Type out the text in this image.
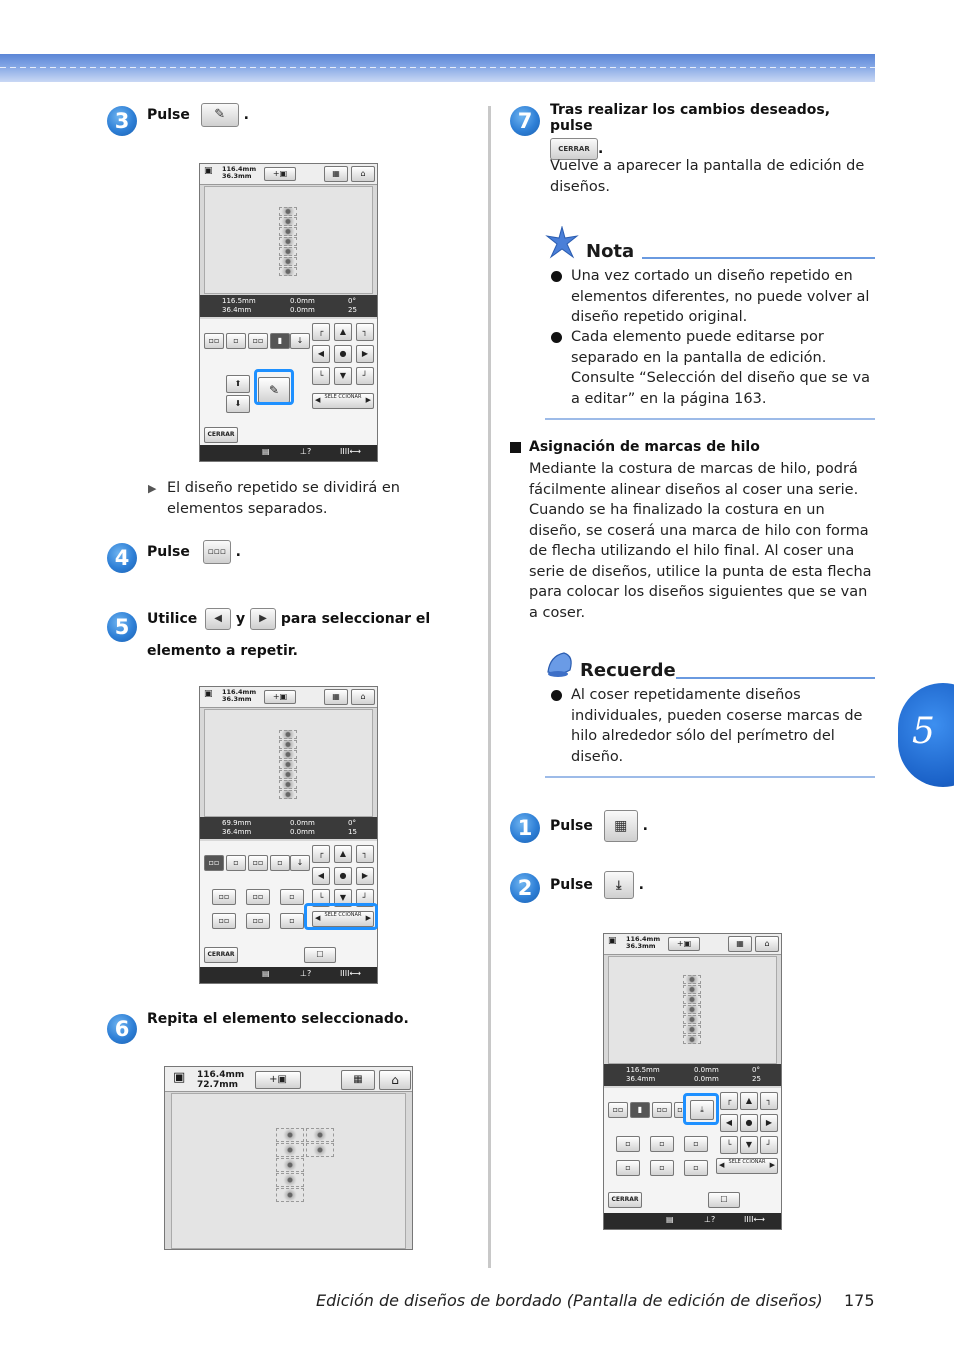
3	Pulse ✎ .
▣ 116.4mm
36.3mm	+▣	▦	⌂
116.5mm
36.4mm
0.0mm
0.0mm
0°
25
▫▫	▫	▫▫	▮	↓
⬆
⬇
✎
┌	▲	┐
◀	●	▶
└	▼	┘
◀ SELE CCIONAR ▶
CERRAR
▤	⊥?	IIII⟷
▶ El diseño repetido se dividirá en elementos separados.
4	Pulse ▫▫▫ .
5	Utilice ◀ y ▶ para seleccionar el
elemento a repetir.
▣ 116.4mm
36.3mm	+▣	▦	⌂
69.9mm
36.4mm
0.0mm
0.0mm
0°
15
▫▫	▫	▫▫	▫	↓
▫▫	▫▫	▫
▫▫	▫▫	▫
┌	▲	┐
◀	●	▶
└	▼	┘
◀ SELE CCIONAR ▶
CERRAR	☐
▤	⊥?	IIII⟷
6	Repita el elemento seleccionado.
▣ 116.4mm
72.7mm	+▣	▦	⌂
7	Tras realizar los cambios deseados, pulse
CERRAR .
Vuelve a aparecer la pantalla de edición de diseños.
Nota
Una vez cortado un diseño repetido en elementos diferentes, no puede volver al diseño repetido original.
Cada elemento puede editarse por separado en la pantalla de edición. Consulte “Selección del diseño que se va a editar” en la página 163.
Asignación de marcas de hilo
Mediante la costura de marcas de hilo, podrá fácilmente alinear diseños al coser una serie. Cuando se ha finalizado la costura en un diseño, se coserá una marca de hilo con forma de flecha utilizando el hilo final. Al coser una serie de diseños, utilice la punta de esta flecha para colocar los diseños siguientes que se van a coser.
Recuerde
Al coser repetidamente diseños individuales, pueden coserse marcas de hilo alrededor sólo del perímetro del diseño.
1	Pulse ▦ .
2	Pulse ⤓ .
▣ 116.4mm
36.3mm	+▣	▦	⌂
116.5mm
36.4mm
0.0mm
0.0mm
0°
25
▫▫	▮	▫▫	▫	⤓
▫	▫	▫
▫	▫	▫
┌	▲	┐
◀	●	▶
└	▼	┘
◀ SELE CCIONAR ▶
CERRAR	☐
▤	⊥?	IIII⟷
5
Edición de diseños de bordado (Pantalla de edición de diseños) 175
